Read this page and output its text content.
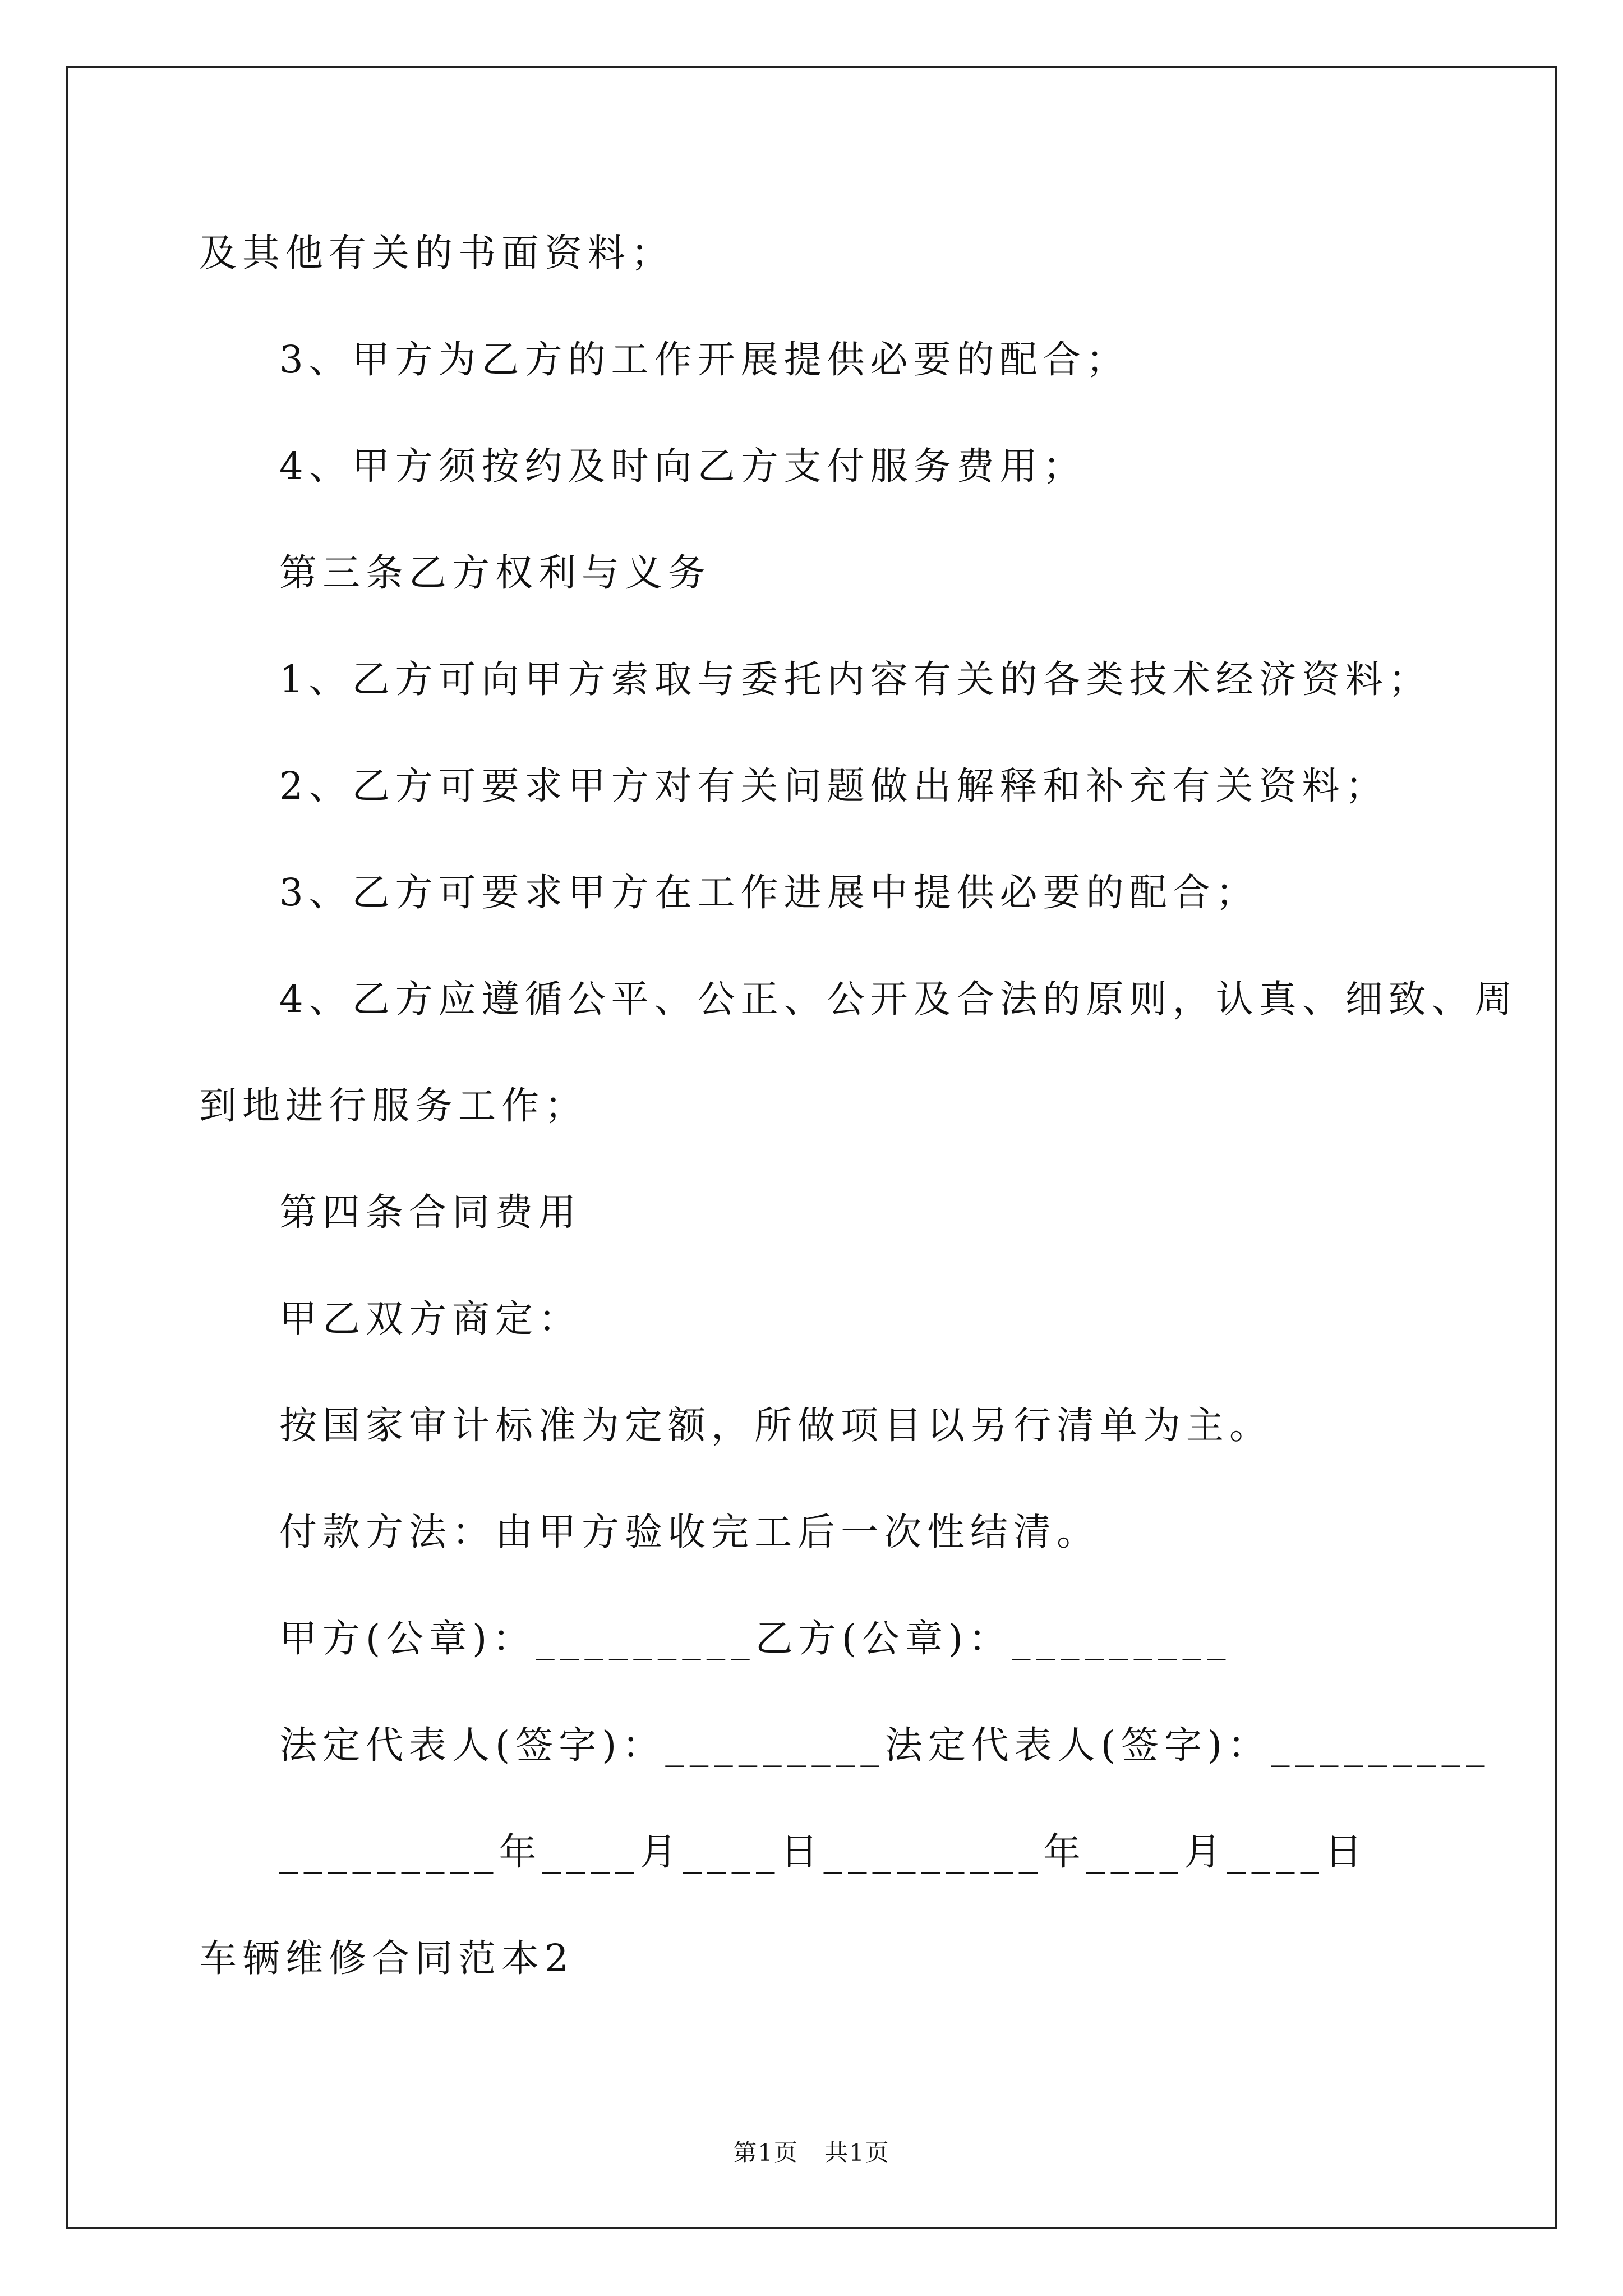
及其他有关的书面资料；
3、甲方为乙方的工作开展提供必要的配合；
4、甲方须按约及时向乙方支付服务费用；
第三条乙方权利与义务
1、乙方可向甲方索取与委托内容有关的各类技术经济资料；
2、乙方可要求甲方对有关问题做出解释和补充有关资料；
3、乙方可要求甲方在工作进展中提供必要的配合；
4、乙方应遵循公平、公正、公开及合法的原则，认真、细致、周
到地进行服务工作；
第四条合同费用
甲乙双方商定：
按国家审计标准为定额，所做项目以另行清单为主。
付款方法：由甲方验收完工后一次性结清。
甲方(公章)：_________乙方(公章)：_________
法定代表人(签字)：_________法定代表人(签字)：_________
_________年____月____日_________年____月____日
车辆维修合同范本2
第1页   共1页
